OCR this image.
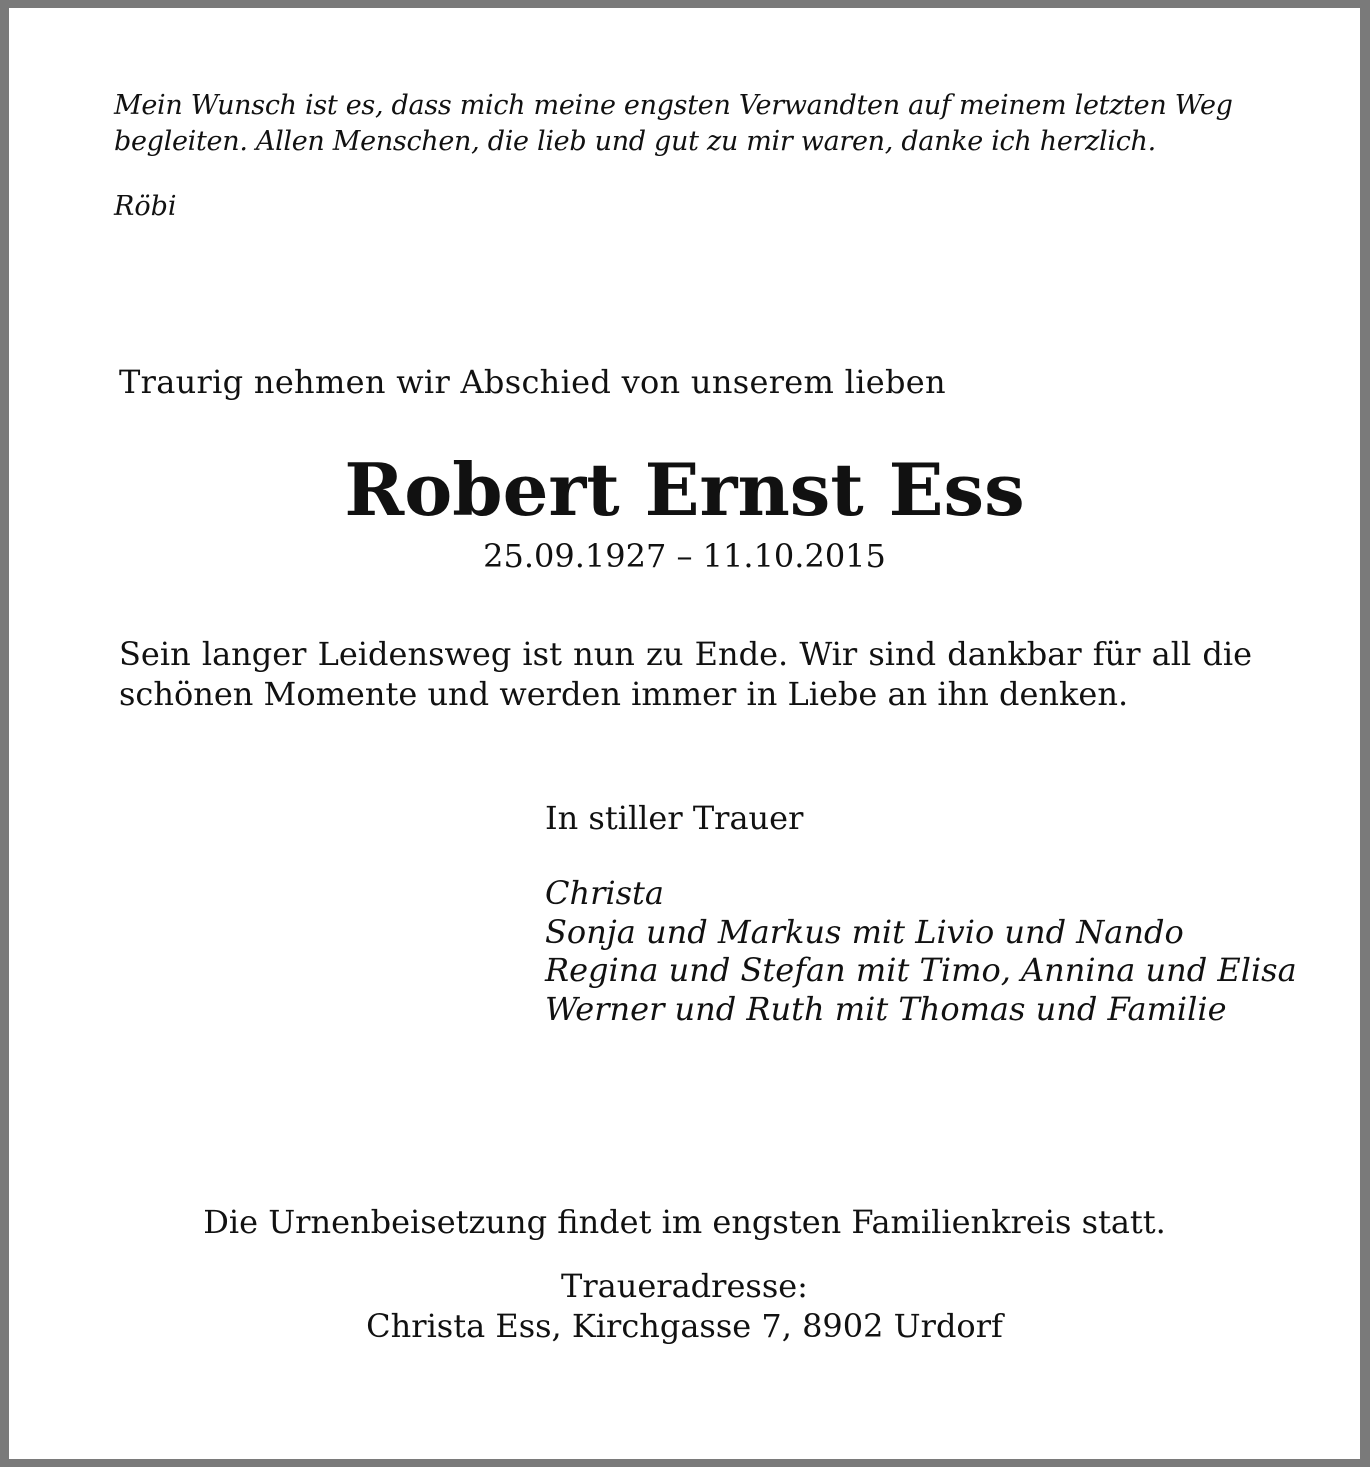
Mein Wunsch ist es, dass mich meine engsten Verwandten auf meinem letzten Weg
begleiten. Allen Menschen, die lieb und gut zu mir waren, danke ich herzlich.
Röbi
Traurig nehmen wir Abschied von unserem lieben
Robert Ernst Ess
25.09.1927 – 11.10.2015

Sein langer Leidensweg ist nun zu Ende. Wir sind dankbar für all die schönen Momente und werden immer in Liebe an ihn denken.

In stiller Trauer
Christa
Sonja und Markus mit Livio und Nando
Regina und Stefan mit Timo, Annina und Elisa
Werner und Ruth mit Thomas und Familie
Die Urnenbeisetzung findet im engsten Familienkreis statt.
Traueradresse:
Christa Ess, Kirchgasse 7, 8902 Urdorf
